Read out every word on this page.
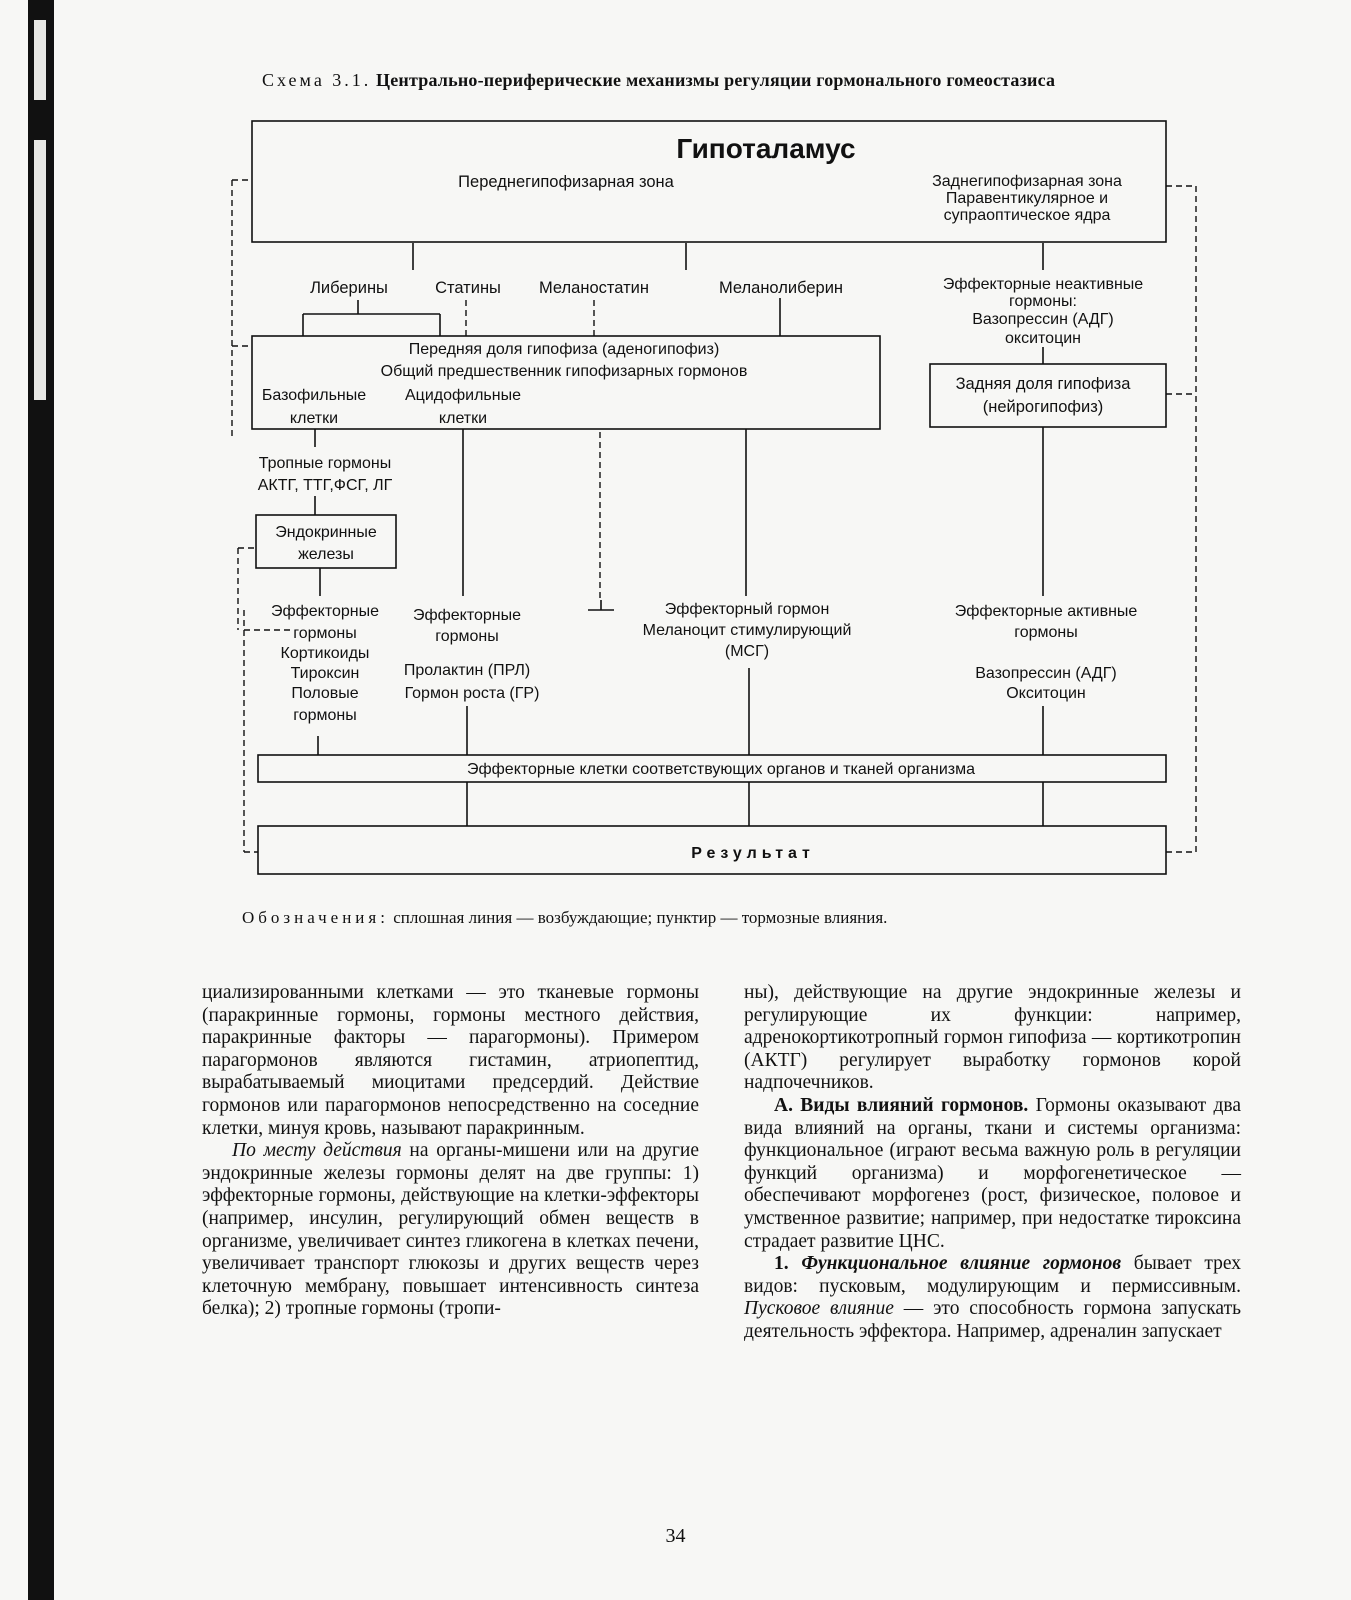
Схема 3.1. Центрально-периферические механизмы регуляции гормонального гомеостазиса
Гипоталамус
Переднегипофизарная зона	Заднегипофизарная зона
Паравентикулярное и
супраоптическое ядра
Либерины	Статины Меланостатин	Меланолиберин	Эффекторные неактивные
гормоны:
Вазопрессин (АДГ)
окситоцин
Передняя доля гипофиза (аденогипофиз)
Общий предшественник гипофизарных гормонов
Базофильные
клетки
Ацидофильные
клетки
Задняя доля гипофиза
(нейрогипофиз)
Тропные гормоны
АКТГ, ТТГ,ФСГ, ЛГ
Эндокринные
железы
Эффекторные
гормоны
Кортикоиды
Тироксин
Половые
гормоны
Эффекторные
гормоны
Пролактин (ПРЛ)
Гормон роста (ГР)
Эффекторный гормон
Меланоцит стимулирующий
(МСГ)
Эффекторные активные
гормоны
Вазопрессин (АДГ)
Окситоцин
Эффекторные клетки соответствующих органов и тканей организма
Результат
Обозначения: сплошная линия — возбуждающие; пунктир — тормозные влияния.

циализированными клетками — это тканевые гормоны (паракринные гормоны, гормоны местного действия, паракринные факторы — парагормоны). Примером парагормонов являются гистамин, атриопептид, вырабатываемый миоцитами предсердий. Действие гормонов или парагормонов непосредственно на соседние клетки, минуя кровь, называют паракринным.

По месту действия на органы-мишени или на другие эндокринные железы гормоны делят на две группы: 1) эффекторные гормоны, действующие на клетки-эффекторы (например, инсулин, регулирующий обмен веществ в организме, увеличивает синтез гликогена в клетках печени, увеличивает транспорт глюкозы и других веществ через клеточную мембрану, повышает интенсивность синтеза белка); 2) тропные гормоны (тропи-

ны), действующие на другие эндокринные железы и регулирующие их функции: например, адренокортикотропный гормон гипофиза — кортикотропин (АКТГ) регулирует выработку гормонов корой надпочечников.

А. Виды влияний гормонов. Гормоны оказывают два вида влияний на органы, ткани и системы организма: функциональное (играют весьма важную роль в регуляции функций организма) и морфогенетическое — обеспечивают морфогенез (рост, физическое, половое и умственное развитие; например, при недостатке тироксина страдает развитие ЦНС.

1. Функциональное влияние гормонов бывает трех видов: пусковым, модулирующим и пермиссивным. Пусковое влияние — это способность гормона запускать деятельность эффектора. Например, адреналин запускает

34
